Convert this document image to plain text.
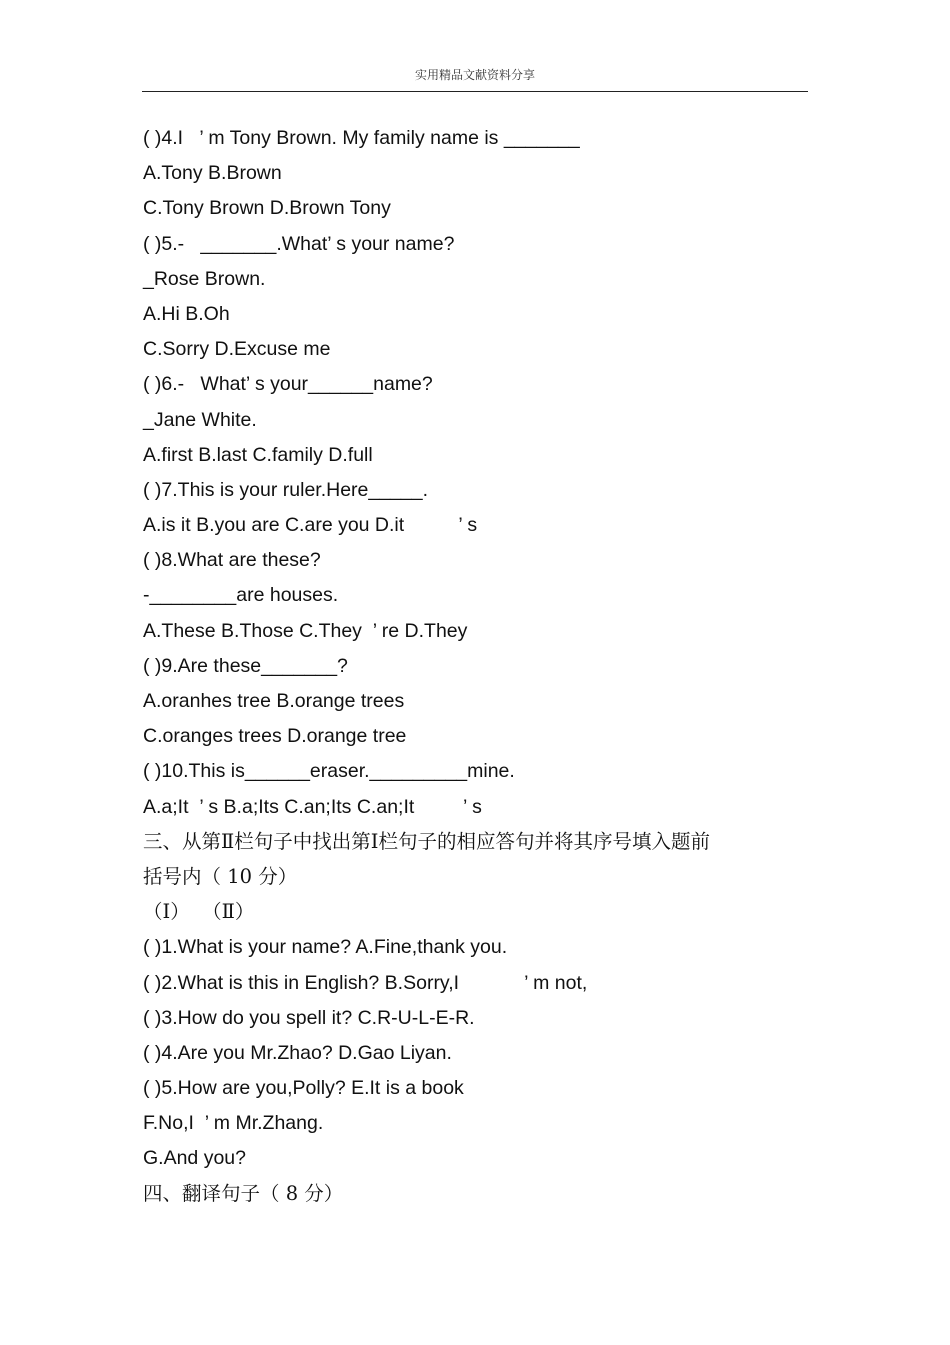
实用精品文献资料分享
( )4.I   ’ m Tony Brown. My family name is _______
A.Tony B.Brown
C.Tony Brown D.Brown Tony
( )5.-   _______.What’ s your name?
_Rose Brown.
A.Hi B.Oh
C.Sorry D.Excuse me
( )6.-   What’ s your______name?
_Jane White.
A.first B.last C.family D.full
( )7.This is your ruler.Here_____.
A.is it B.you are C.are you D.it          ’ s
( )8.What are these?
-________are houses.
A.These B.Those C.They  ’ re D.They
( )9.Are these_______?
A.oranhes tree B.orange trees
C.oranges trees D.orange tree
( )10.This is______eraser._________mine.
A.a;It  ’ s B.a;Its C.an;Its C.an;It         ’ s
三、从第Ⅱ栏句子中找出第Ⅰ栏句子的相应答句并将其序号填入题前
括号内（ 10 分）
（Ⅰ）  （Ⅱ）
( )1.What is your name? A.Fine,thank you.
( )2.What is this in English? B.Sorry,I            ’ m not,
( )3.How do you spell it? C.R-U-L-E-R.
( )4.Are you Mr.Zhao? D.Gao Liyan.
( )5.How are you,Polly? E.It is a book
F.No,I  ’ m Mr.Zhang.
G.And you?
四、翻译句子（ 8 分）
